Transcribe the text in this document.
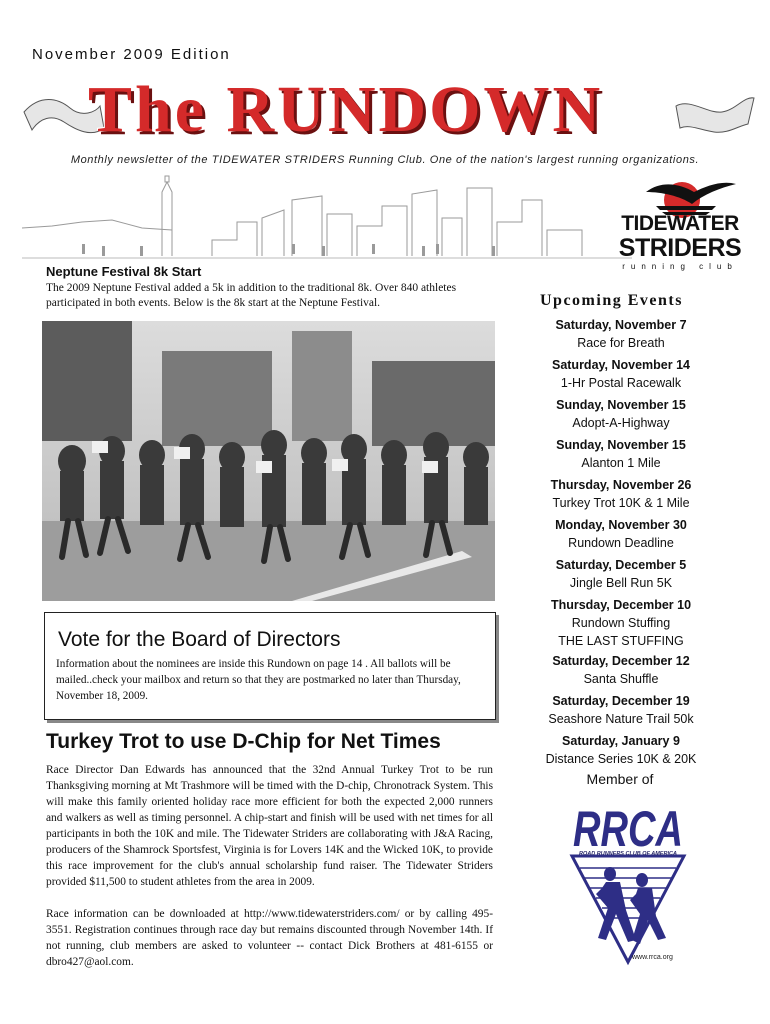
November 2009 Edition
The RUNDOWN
Monthly newsletter of the TIDEWATER STRIDERS Running Club. One of the nation's largest running organizations.
TIDEWATER
STRIDERS
running club
Neptune Festival 8k Start
The 2009 Neptune Festival added a 5k in addition to the traditional 8k. Over 840 athletes participated in both events. Below is the 8k start at the Neptune Festival.
Vote for the Board of Directors
Information about the nominees are inside this Rundown on page 14 . All ballots will be mailed..check your mailbox and return so that they are postmarked no later than Thursday, November 18, 2009.
Turkey Trot to use D-Chip for Net Times

Race Director Dan Edwards has announced that the 32nd Annual Turkey Trot to be run Thanksgiving morning at Mt Trashmore will be timed with the D-chip, Chronotrack System. This will make this family oriented holiday race more efficient for both the expected 2,000 runners and walkers as well as timing personnel. A chip-start and finish will be used with net times for all participants in both the 10K and mile. The Tidewater Striders are collaborating with J&A Racing, producers of the Shamrock Sportsfest, Virginia is for Lovers 14K and the Wicked 10K, to provide this race improvement for the club's annual scholarship fund raiser. The Tidewater Striders provided $11,500 to student athletes from the area in 2009.

Race information can be downloaded at http://www.tidewaterstriders.com/ or by calling 495-3551. Registration continues through race day but remains discounted through November 14th. If not running, club members are asked to volunteer -- contact Dick Brothers at 481-6155 or dbro427@aol.com.

Upcoming Events
Saturday, November 7
Race for Breath
Saturday, November 14
1-Hr Postal Racewalk
Sunday, November 15
Adopt-A-Highway
Sunday, November 15
Alanton 1 Mile
Thursday, November 26
Turkey Trot 10K & 1 Mile
Monday, November 30
Rundown Deadline
Saturday, December 5
Jingle Bell Run 5K
Thursday, December 10
Rundown Stuffing
THE LAST STUFFING
Saturday, December 12
Santa Shuffle
Saturday, December 19
Seashore Nature Trail 50k
Saturday, January 9
Distance Series 10K & 20K
Member of
RRCA
ROAD RUNNERS CLUB OF AMERICA
www.rrca.org
